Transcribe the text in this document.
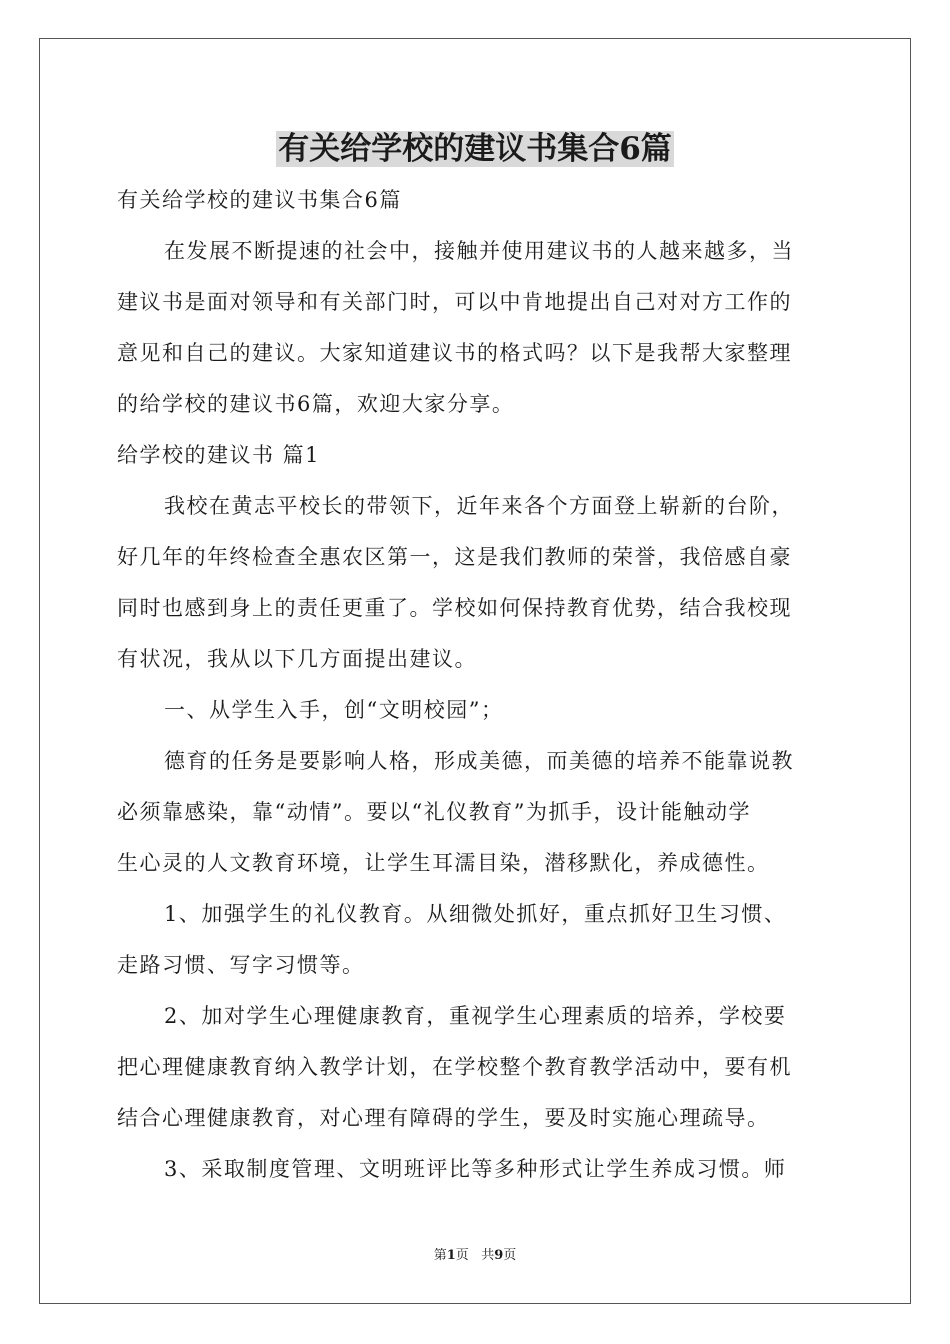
有关给学校的建议书集合6篇
有关给学校的建议书集合6篇
在发展不断提速的社会中，接触并使用建议书的人越来越多，当
建议书是面对领导和有关部门时，可以中肯地提出自己对对方工作的
意见和自己的建议。大家知道建议书的格式吗？以下是我帮大家整理
的给学校的建议书6篇，欢迎大家分享。
给学校的建议书 篇1
我校在黄志平校长的带领下，近年来各个方面登上崭新的台阶，
好几年的年终检查全惠农区第一，这是我们教师的荣誉，我倍感自豪
同时也感到身上的责任更重了。学校如何保持教育优势，结合我校现
有状况，我从以下几方面提出建议。
一、从学生入手，创“文明校园”；
德育的任务是要影响人格，形成美德，而美德的培养不能靠说教
必须靠感染，靠“动情”。要以“礼仪教育”为抓手，设计能触动学
生心灵的人文教育环境，让学生耳濡目染，潜移默化，养成德性。
1、加强学生的礼仪教育。从细微处抓好，重点抓好卫生习惯、
走路习惯、写字习惯等。
2、加对学生心理健康教育，重视学生心理素质的培养，学校要
把心理健康教育纳入教学计划，在学校整个教育教学活动中，要有机
结合心理健康教育，对心理有障碍的学生，要及时实施心理疏导。
3、采取制度管理、文明班评比等多种形式让学生养成习惯。师
第1页 共9页
